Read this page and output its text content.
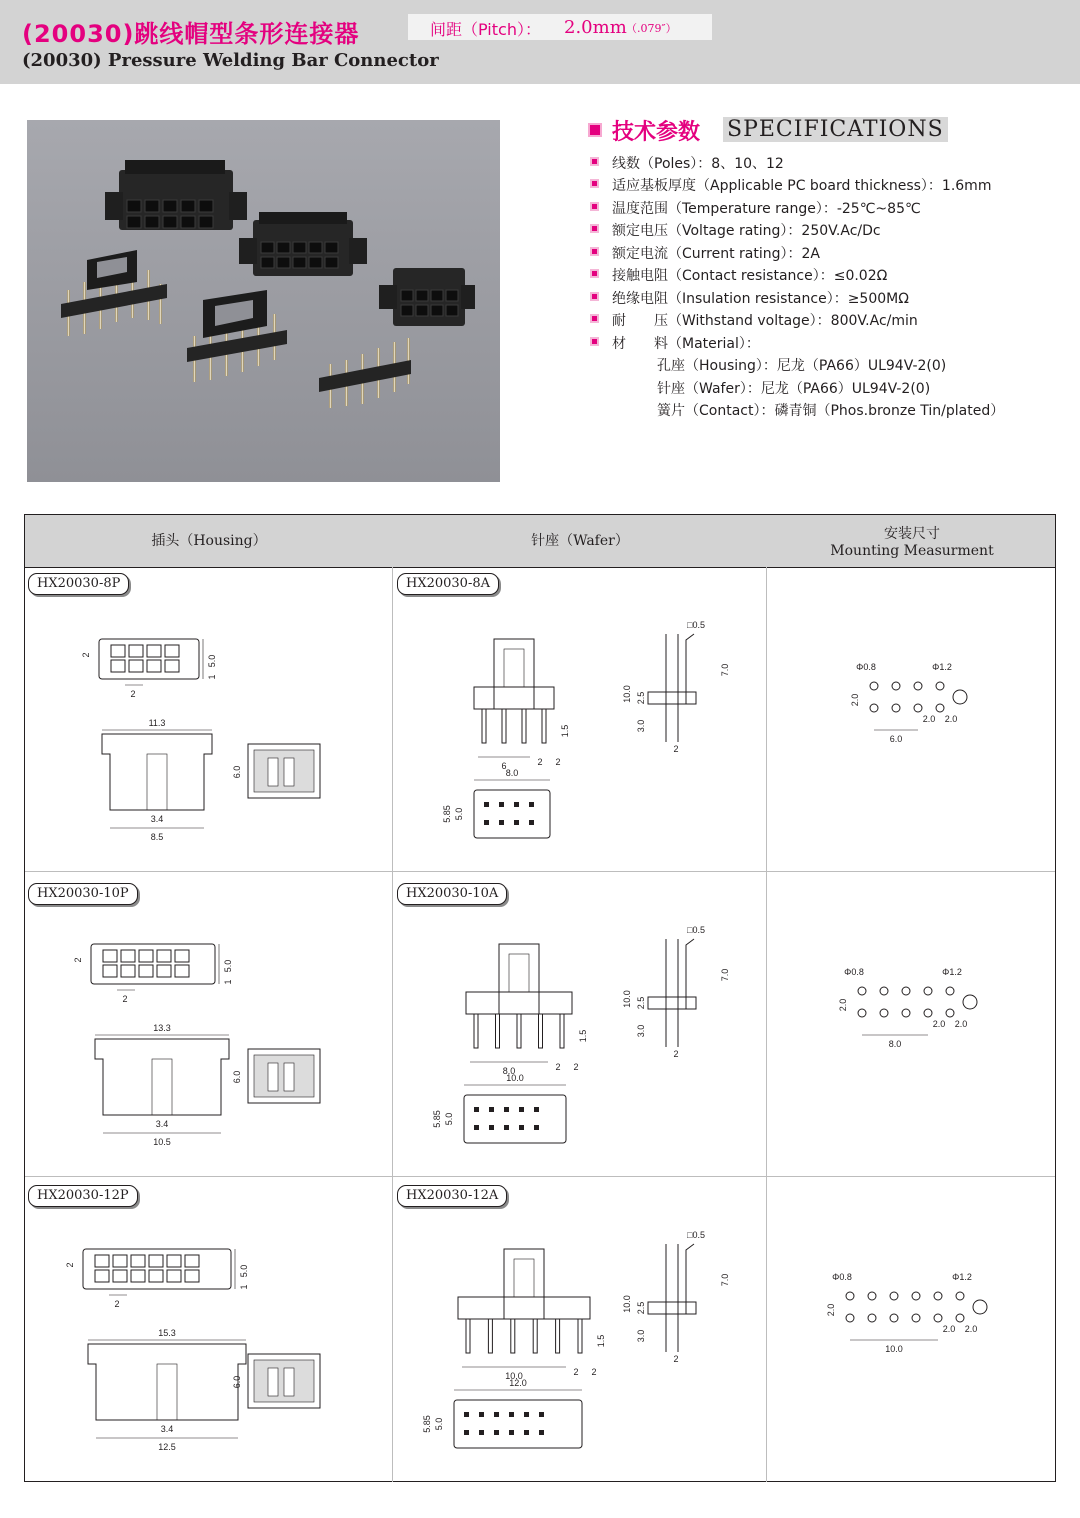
(20030)跳线帽型条形连接器	间距（Pitch）： 2.0mm （.079″）
(20030) Pressure Welding Bar Connector
技术参数 SPECIFICATIONS
线数（Poles）：8、10、12
适应基板厚度（Applicable PC board thickness）：1.6mm
温度范围（Temperature range）：-25℃~85℃
额定电压（Voltage rating）：250V.Ac/Dc
额定电流（Current rating）：2A
接触电阻（Contact resistance）：≤0.02Ω
绝缘电阻（Insulation resistance）：≥500MΩ
耐　　压（Withstand voltage）：800V.Ac/min
材　　料（Material）：
孔座（Housing）：尼龙（PA66）UL94V-2(0)
针座（Wafer）：尼龙（PA66）UL94V-2(0)
簧片（Contact）：磷青铜（Phos.bronze Tin/plated）
插头（Housing）	针座（Wafer）	安装尺寸
Mounting Measurment
HX20030-8P	HX20030-8A
HX20030-10P	HX20030-10A
HX20030-12P	HX20030-12A
5.0
1
2
2
11.3
3.4
8.5
6.0	6	2 2
1.5
□0.5
10.0 2.5
3.0
7.0
2
8.0
5.0
5.85
Φ0.8	Φ1.2
2.0
6.0
2.0 2.0
5.0
1
2
2
13.3
3.4
10.5
6.0	8.0	2 2
1.5
□0.5
10.0 2.5
3.0
7.0
2
10.0
5.0
5.85
Φ0.8	Φ1.2
2.0
8.0
2.0 2.0
5.0
1
2
2
15.3
3.4
12.5
6.0	10.0	2 2
1.5
□0.5
10.0 2.5
3.0
7.0
2
12.0
5.0
5.85
Φ0.8	Φ1.2
2.0
10.0
2.0 2.0
